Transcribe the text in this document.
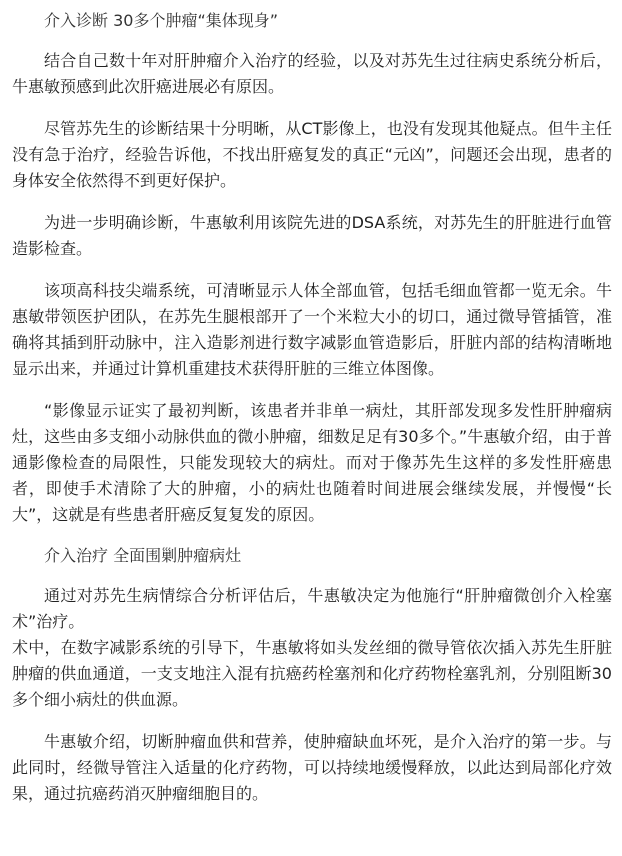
介入诊断 30多个肿瘤“集体现身”

结合自己数十年对肝肿瘤介入治疗的经验，以及对苏先生过往病史系统分析后，牛惠敏预感到此次肝癌进展必有原因。

尽管苏先生的诊断结果十分明晰，从CT影像上，也没有发现其他疑点。但牛主任没有急于治疗，经验告诉他，不找出肝癌复发的真正“元凶”，问题还会出现，患者的身体安全依然得不到更好保护。

为进一步明确诊断，牛惠敏利用该院先进的DSA系统，对苏先生的肝脏进行血管造影检查。

该项高科技尖端系统，可清晰显示人体全部血管，包括毛细血管都一览无余。牛惠敏带领医护团队，在苏先生腿根部开了一个米粒大小的切口，通过微导管插管，准确将其插到肝动脉中，注入造影剂进行数字减影血管造影后，肝脏内部的结构清晰地显示出来，并通过计算机重建技术获得肝脏的三维立体图像。

“影像显示证实了最初判断，该患者并非单一病灶，其肝部发现多发性肝肿瘤病灶，这些由多支细小动脉供血的微小肿瘤，细数足足有30多个。”牛惠敏介绍，由于普通影像检查的局限性，只能发现较大的病灶。而对于像苏先生这样的多发性肝癌患者，即使手术清除了大的肿瘤，小的病灶也随着时间进展会继续发展，并慢慢“长大”，这就是有些患者肝癌反复复发的原因。

介入治疗 全面围剿肿瘤病灶

通过对苏先生病情综合分析评估后，牛惠敏决定为他施行“肝肿瘤微创介入栓塞术”治疗。

术中，在数字减影系统的引导下，牛惠敏将如头发丝细的微导管依次插入苏先生肝脏肿瘤的供血通道，一支支地注入混有抗癌药栓塞剂和化疗药物栓塞乳剂，分别阻断30多个细小病灶的供血源。

牛惠敏介绍，切断肿瘤血供和营养，使肿瘤缺血坏死，是介入治疗的第一步。与此同时，经微导管注入适量的化疗药物，可以持续地缓慢释放，以此达到局部化疗效果，通过抗癌药消灭肿瘤细胞目的。
